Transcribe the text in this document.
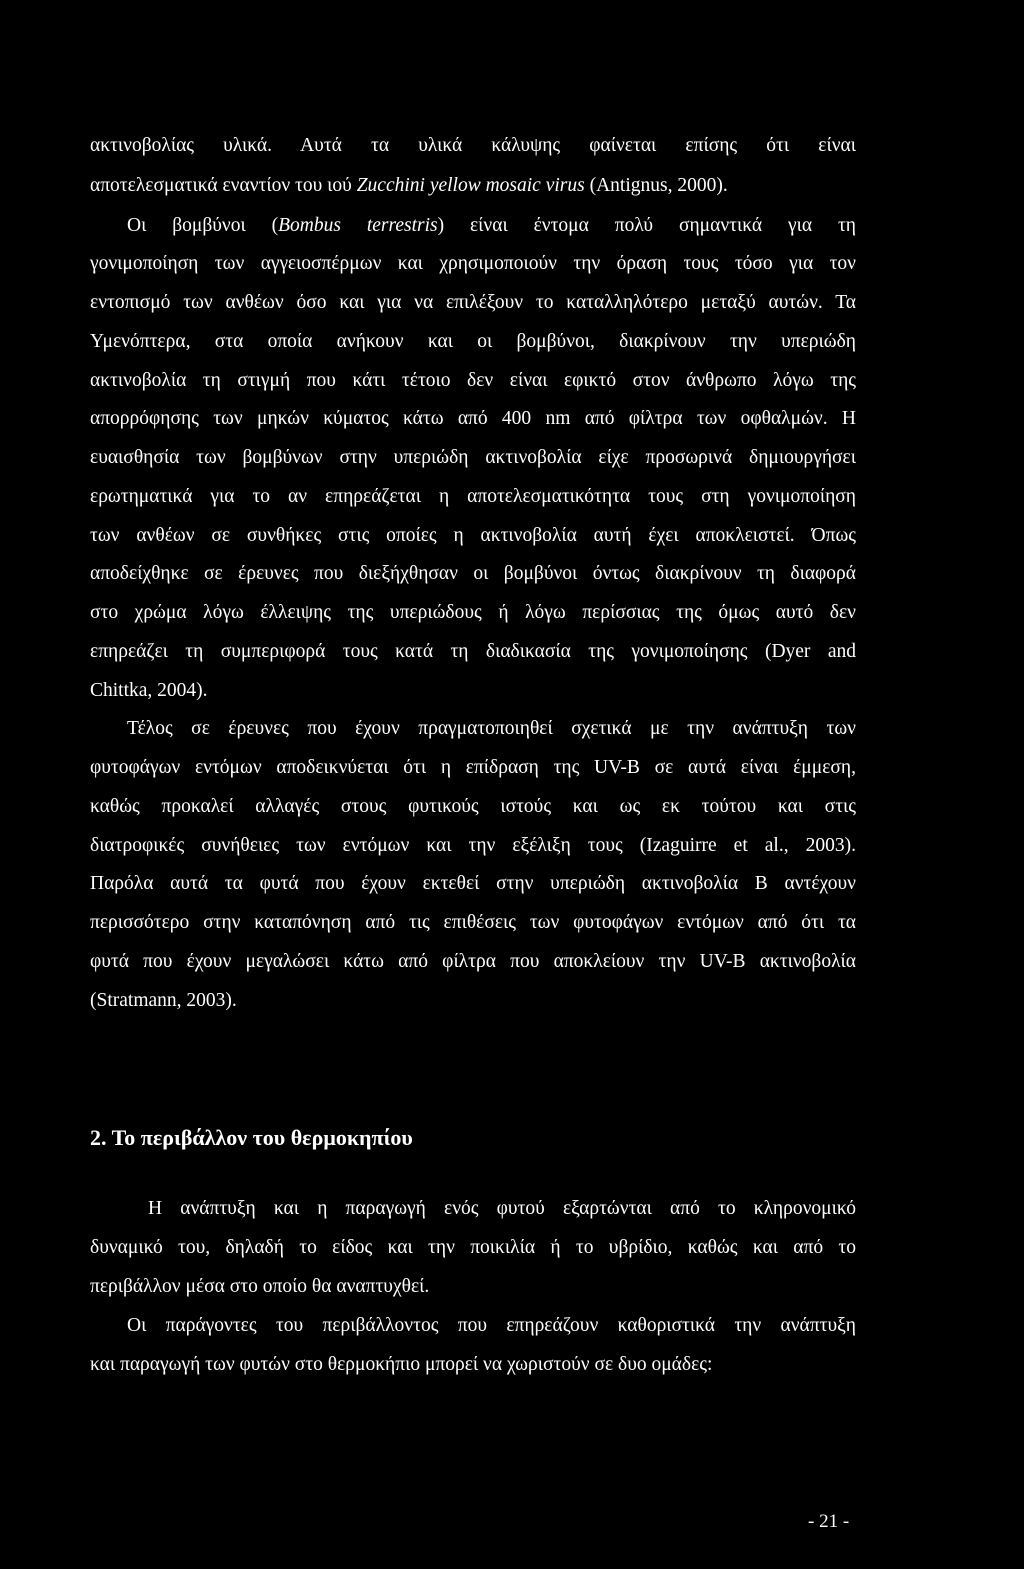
ακτινοβολίας υλικά. Αυτά τα υλικά κάλυψης φαίνεται επίσης ότι είναι
αποτελεσματικά εναντίον του ιού Zucchini yellow mosaic virus (Antignus, 2000).
Οι βομβύνοι (Bombus terrestris) είναι έντομα πολύ σημαντικά για τη
γονιμοποίηση των αγγειοσπέρμων και χρησιμοποιούν την όραση τους τόσο για τον
εντοπισμό των ανθέων όσο και για να επιλέξουν το καταλληλότερο μεταξύ αυτών. Τα
Υμενόπτερα, στα οποία ανήκουν και οι βομβύνοι, διακρίνουν την υπεριώδη
ακτινοβολία τη στιγμή που κάτι τέτοιο δεν είναι εφικτό στον άνθρωπο λόγω της
απορρόφησης των μηκών κύματος κάτω από 400 nm από φίλτρα των οφθαλμών. Η
ευαισθησία των βομβύνων στην υπεριώδη ακτινοβολία είχε προσωρινά δημιουργήσει
ερωτηματικά για το αν επηρεάζεται η αποτελεσματικότητα τους στη γονιμοποίηση
των ανθέων σε συνθήκες στις οποίες η ακτινοβολία αυτή έχει αποκλειστεί. Όπως
αποδείχθηκε σε έρευνες που διεξήχθησαν οι βομβύνοι όντως διακρίνουν τη διαφορά
στο χρώμα λόγω έλλειψης της υπεριώδους ή λόγω περίσσιας της όμως αυτό δεν
επηρεάζει τη συμπεριφορά τους κατά τη διαδικασία της γονιμοποίησης (Dyer and
Chittka, 2004).
Τέλος σε έρευνες που έχουν πραγματοποιηθεί σχετικά με την ανάπτυξη των
φυτοφάγων εντόμων αποδεικνύεται ότι η επίδραση της UV-B σε αυτά είναι έμμεση,
καθώς προκαλεί αλλαγές στους φυτικούς ιστούς και ως εκ τούτου και στις
διατροφικές συνήθειες των εντόμων και την εξέλιξη τους (Izaguirre et al., 2003).
Παρόλα αυτά τα φυτά που έχουν εκτεθεί στην υπεριώδη ακτινοβολία Β αντέχουν
περισσότερο στην καταπόνηση από τις επιθέσεις των φυτοφάγων εντόμων από ότι τα
φυτά που έχουν μεγαλώσει κάτω από φίλτρα που αποκλείουν την UV-B ακτινοβολία
(Stratmann, 2003).
2. Το περιβάλλον του θερμοκηπίου
Η ανάπτυξη και η παραγωγή ενός φυτού εξαρτώνται από το κληρονομικό
δυναμικό του, δηλαδή το είδος και την ποικιλία ή το υβρίδιο, καθώς και από το
περιβάλλον μέσα στο οποίο θα αναπτυχθεί.
Οι παράγοντες του περιβάλλοντος που επηρεάζουν καθοριστικά την ανάπτυξη
και παραγωγή των φυτών στο θερμοκήπιο μπορεί να χωριστούν σε δυο ομάδες:
- 21 -
